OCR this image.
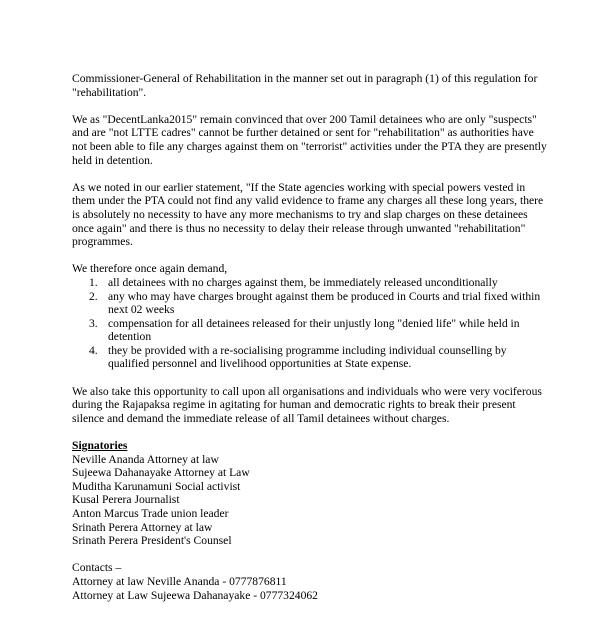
Commissioner-General of Rehabilitation in the manner set out in paragraph (1) of this regulation for "rehabilitation".

We as "DecentLanka2015" remain convinced that over 200 Tamil detainees who are only "suspects" and are "not LTTE cadres" cannot be further detained or sent for "rehabilitation" as authorities have not been able to file any charges against them on "terrorist" activities under the PTA they are presently held in detention.

As we noted in our earlier statement, "If the State agencies working with special powers vested in them under the PTA could not find any valid evidence to frame any charges all these long years, there is absolutely no necessity to have any more mechanisms to try and slap charges on these detainees once again" and there is thus no necessity to delay their release through unwanted "rehabilitation" programmes.

We therefore once again demand,
1. all detainees with no charges against them, be immediately released unconditionally
2. any who may have charges brought against them be produced in Courts and trial fixed within next 02 weeks
3. compensation for all detainees released for their unjustly long "denied life" while held in detention
4. they be provided with a re-socialising programme including individual counselling by qualified personnel and livelihood opportunities at State expense.

We also take this opportunity to call upon all organisations and individuals who were very vociferous during the Rajapaksa regime in agitating for human and democratic rights to break their present silence and demand the immediate release of all Tamil detainees without charges.

Signatories
Neville Ananda Attorney at law
Sujeewa Dahanayake Attorney at Law
Muditha Karunamuni Social activist
Kusal Perera Journalist
Anton Marcus Trade union leader
Srinath Perera Attorney at law
Srinath Perera President's Counsel
Contacts –
Attorney at law Neville Ananda - 0777876811
Attorney at Law Sujeewa Dahanayake - 0777324062
